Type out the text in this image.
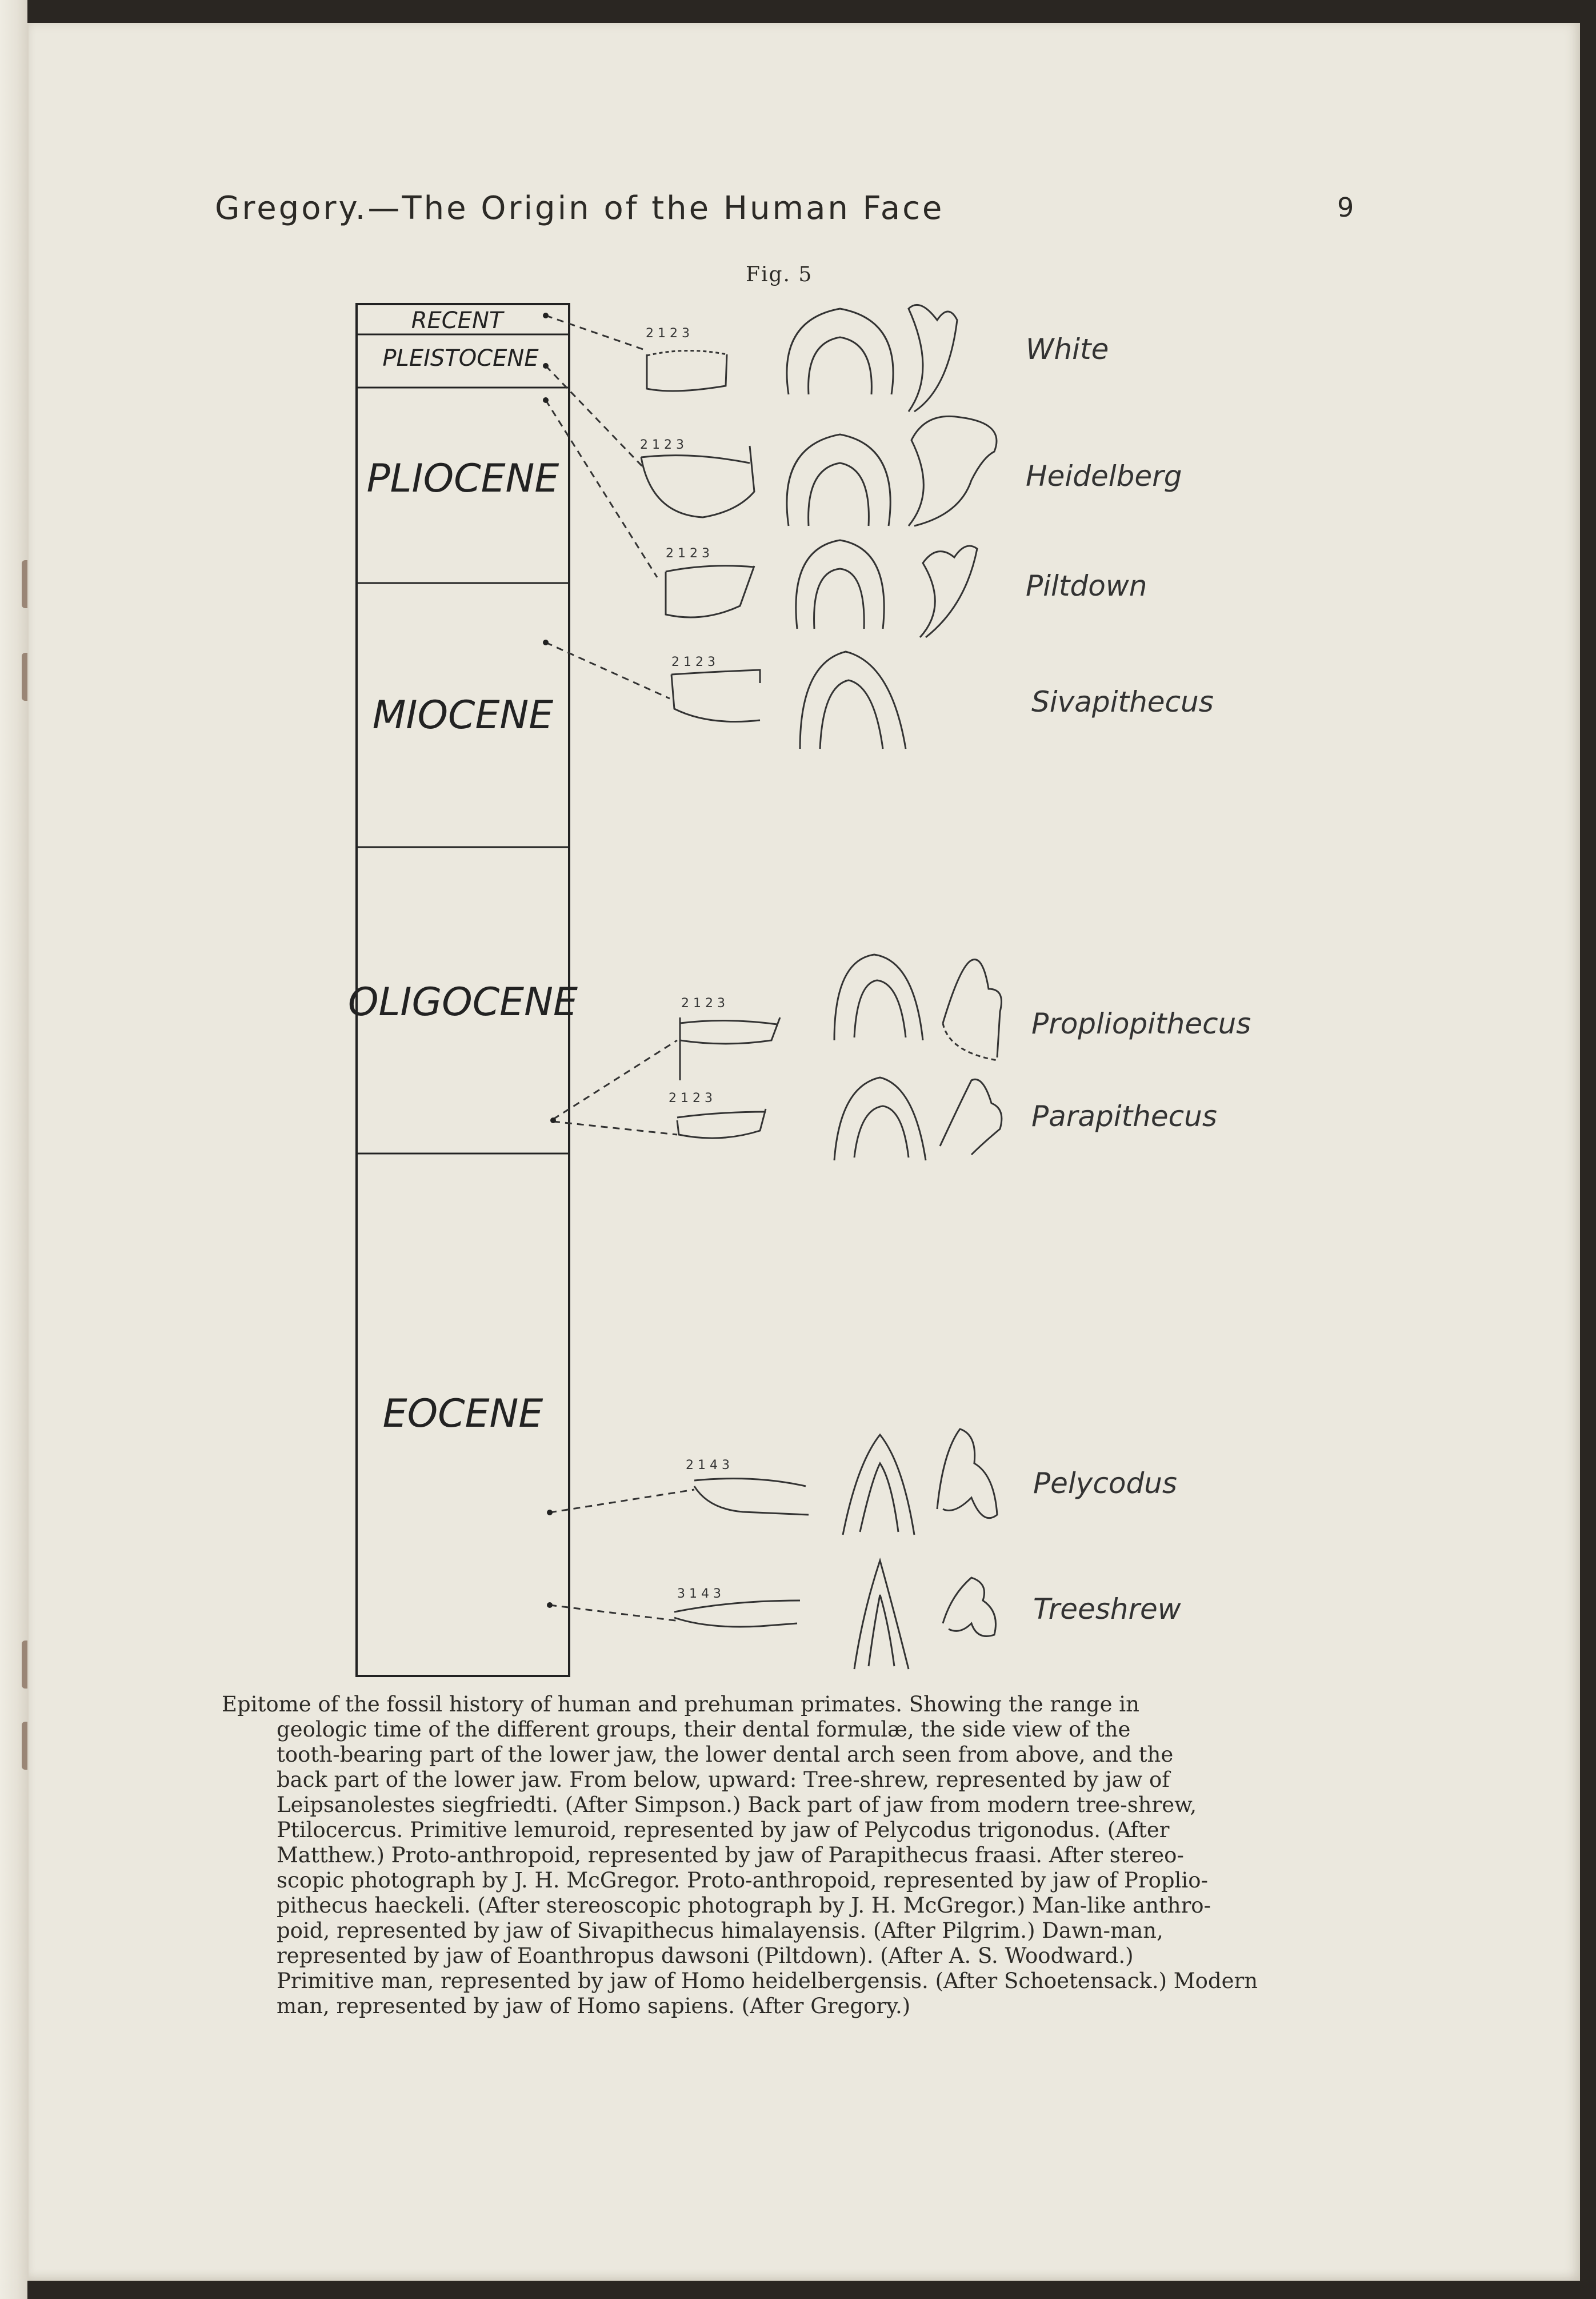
Gregory.—The Origin of the Human Face	9
Fig. 5
RECENT
PLEISTOCENE
PLIOCENE
MIOCENE
OLIGOCENE
EOCENE
2 1 2 3	White
2 1 2 3
Heidelberg
2 1 2 3
Piltdown
2 1 2 3
Sivapithecus
2 1 2 3
Propliopithecus
2 1 2 3
Parapithecus
2 1 4 3
Pelycodus
3 1 4 3	Treeshrew
Epitome of the fossil history of human and prehuman primates. Showing the range in
geologic time of the different groups, their dental formulæ, the side view of the
tooth-bearing part of the lower jaw, the lower dental arch seen from above, and the
back part of the lower jaw. From below, upward: Tree-shrew, represented by jaw of
Leipsanolestes siegfriedti. (After Simpson.) Back part of jaw from modern tree-shrew,
Ptilocercus. Primitive lemuroid, represented by jaw of Pelycodus trigonodus. (After
Matthew.) Proto-anthropoid, represented by jaw of Parapithecus fraasi. After stereo-
scopic photograph by J. H. McGregor. Proto-anthropoid, represented by jaw of Proplio-
pithecus haeckeli. (After stereoscopic photograph by J. H. McGregor.) Man-like anthro-
poid, represented by jaw of Sivapithecus himalayensis. (After Pilgrim.) Dawn-man,
represented by jaw of Eoanthropus dawsoni (Piltdown). (After A. S. Woodward.)
Primitive man, represented by jaw of Homo heidelbergensis. (After Schoetensack.) Modern
man, represented by jaw of Homo sapiens. (After Gregory.)
